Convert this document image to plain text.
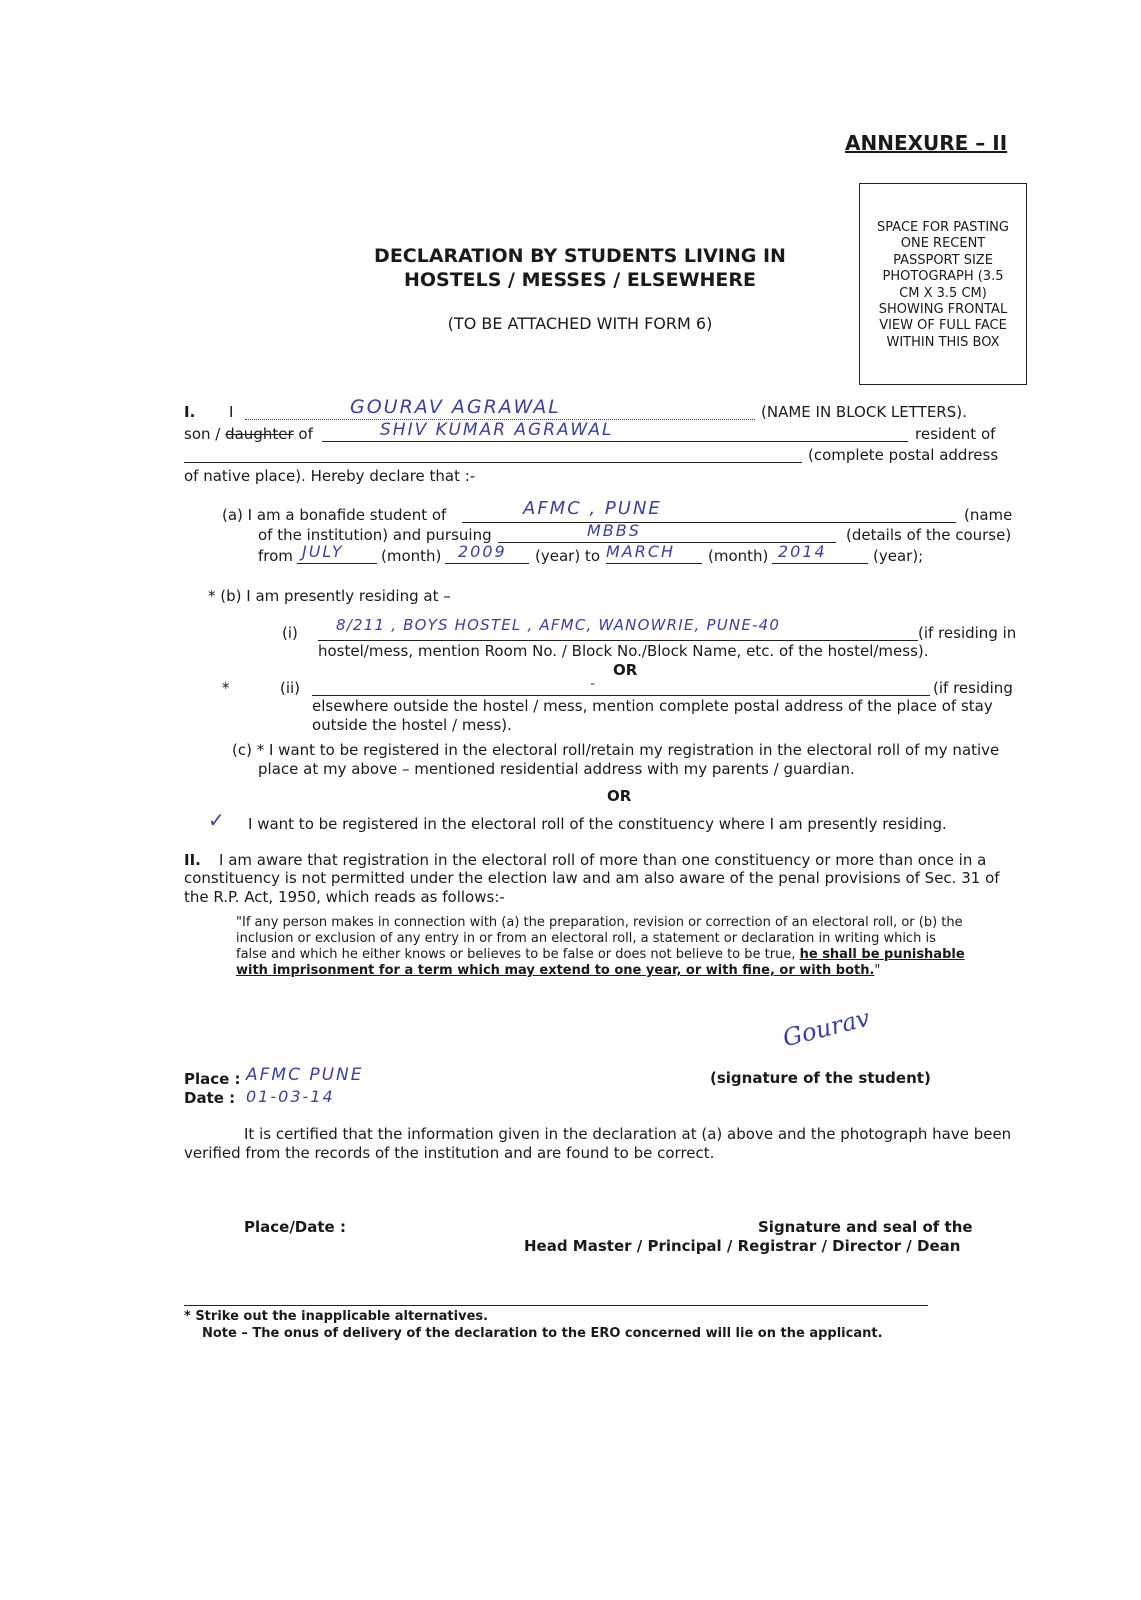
ANNEXURE – II
SPACE FOR PASTING
ONE RECENT
PASSPORT SIZE
PHOTOGRAPH (3.5
CM X 3.5 CM)
SHOWING FRONTAL
VIEW OF FULL FACE
WITHIN THIS BOX
DECLARATION BY STUDENTS LIVING IN
HOSTELS / MESSES / ELSEWHERE
(TO BE ATTACHED WITH FORM 6)
I. I	GOURAV AGRAWAL	(NAME IN BLOCK LETTERS).
son / daughter of	SHIV KUMAR AGRAWAL	resident of
(complete postal address
of native place). Hereby declare that :-
(a) I am a bonafide student of	AFMC , PUNE	(name
of the institution) and pursuing	MBBS	(details of the course)
from JULY (month) 2009 (year) to MARCH (month) 2014	(year);
* (b) I am presently residing at –
(i)	8/211 , BOYS HOSTEL , AFMC, WANOWRIE, PUNE-40	(if residing in
hostel/mess, mention Room No. / Block No./Block Name, etc. of the hostel/mess).
OR
*	(ii)	-	(if residing
elsewhere outside the hostel / mess, mention complete postal address of the place of stay
outside the hostel / mess).
(c) * I want to be registered in the electoral roll/retain my registration in the electoral roll of my native
place at my above – mentioned residential address with my parents / guardian.
OR
✓ I want to be registered in the electoral roll of the constituency where I am presently residing.
II. I am aware that registration in the electoral roll of more than one constituency or more than once in a
constituency is not permitted under the election law and am also aware of the penal provisions of Sec. 31 of
the R.P. Act, 1950, which reads as follows:-
"If any person makes in connection with (a) the preparation, revision or correction of an electoral roll, or (b) the
inclusion or exclusion of any entry in or from an electoral roll, a statement or declaration in writing which is
false and which he either knows or believes to be false or does not believe to be true, he shall be punishable
with imprisonment for a term which may extend to one year, or with fine, or with both."
Gourav
Place : AFMC PUNE
Date : 01-03-14
(signature of the student)
It is certified that the information given in the declaration at (a) above and the photograph have been
verified from the records of the institution and are found to be correct.
Place/Date :	Signature and seal of the
Head Master / Principal / Registrar / Director / Dean
* Strike out the inapplicable alternatives.
Note – The onus of delivery of the declaration to the ERO concerned will lie on the applicant.
